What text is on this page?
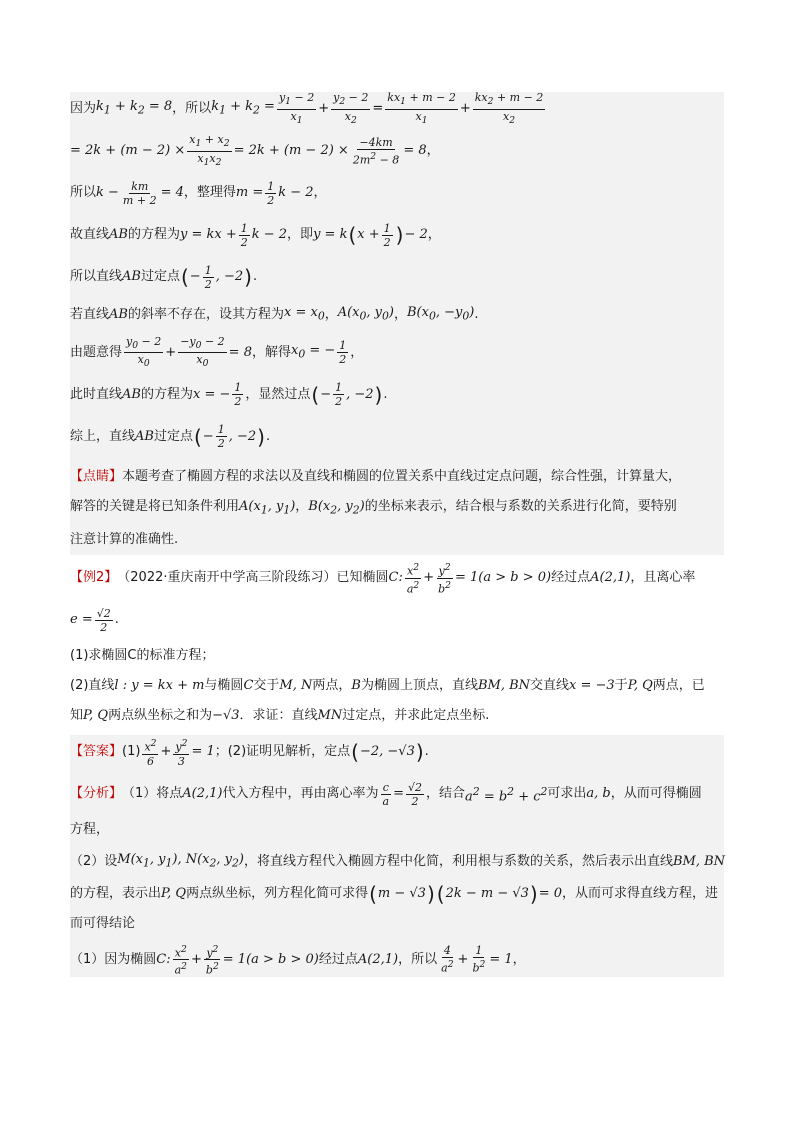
因为 $k_1 + k_2 = 8$ ，所以 $k_1 + k_2 = \frac{y_1 - 2}{x_1} + \frac{y_2 - 2}{x_2} = \frac{kx_1 + m - 2}{x_1} + \frac{kx_2 + m - 2}{x_2}$
= $2k + (m - 2) \times \frac{x_1 + x_2}{x_1x_2} = 2k + (m - 2) \times \frac{-4km}{2m^2 - 8} = 8$ ，
所以 $k - \frac{km}{m + 2} = 4$ ，整理得 $m = \frac{1}{2}$ k − 2 ，
故直线 AB 的方程为 y = kx + $\frac{1}{2}$ k − 2 ，即 y = k ( $x + \frac{1}{2}$ ) − 2 ，
所以直线 AB 过定点 ( − $\frac{1}{2}$ , −2 ) .
若直线 AB 的斜率不存在，设其方程为 $x = x_0$ ， $A(x_0$, $y_0$) ， $B(x_0$, $-y_0$) .
由题意得 $\frac{y_0 - 2}{x_0} + \frac{-y_0 - 2}{x_0} = 8$ ，解得 $x_0$ = − $\frac{1}{2}$ ，
此时直线 AB 的方程为 x = − $\frac{1}{2}$ ，显然过点 ( − $\frac{1}{2}$ , −2 ) .
综上，直线 AB 过定点 ( − $\frac{1}{2}$ , −2 ) .
【点睛】本题考查了椭圆方程的求法以及直线和椭圆的位置关系中直线过定点问题，综合性强，计算量大，
解答的关键是将已知条件利用$A(x_1$, $y_1$)，$B(x_2$, $y_2$)的坐标来表示，结合根与系数的关系进行化简，要特别
注意计算的准确性.
【例2】 （2022·重庆南开中学高三阶段练习）已知椭圆 C: $\frac{x^2}{a^2} + \frac{y^2}{b^2} = 1(a > b > 0)$ 经过点 A(2,1) ，且离心率
$e = \frac{√2}{2}$ .
(1)求椭圆C的标准方程；
(2)直线 l : y = kx + m 与椭圆 C 交于 M, N 两点， B 为椭圆上顶点，直线 BM, BN 交直线 x = −3 于 P, Q 两点，已
知 P, Q 两点纵坐标之和为 −√3 ．求证：直线 MN 过定点，并求此定点坐标.
【答案】 $(1) \frac{x^2}{6} + \frac{y^2}{3} = 1$ ；(2)证明见解析，定点 ( −2, −√3 ) .
【分析】 （1）将点 A(2,1) 代入方程中，再由离心率为 $\frac{c}{a} = \frac{√2}{2}$ ，结合 $a^2 = b^2 + c^2$ 可求出 a, b ，从而可得椭圆
方程，
（2）设 $M(x_1$, $y_1$), $N(x_2$, $y_2$) ，将直线方程代入椭圆方程中化简，利用根与系数的关系，然后表示出直线 BM, BN
的方程，表示出 P, Q 两点纵坐标，列方程化简可求得 ( m − √3 ) ( 2k − m − √3 ) = 0 ，从而可求得直线方程，进
而可得结论
（1）因为椭圆 C: $\frac{x^2}{a^2} + \frac{y^2}{b^2} = 1(a > b > 0)$ 经过点 A(2,1) ，所以 $\frac{4}{a^2} + \frac{1}{b^2} = 1$ ，
